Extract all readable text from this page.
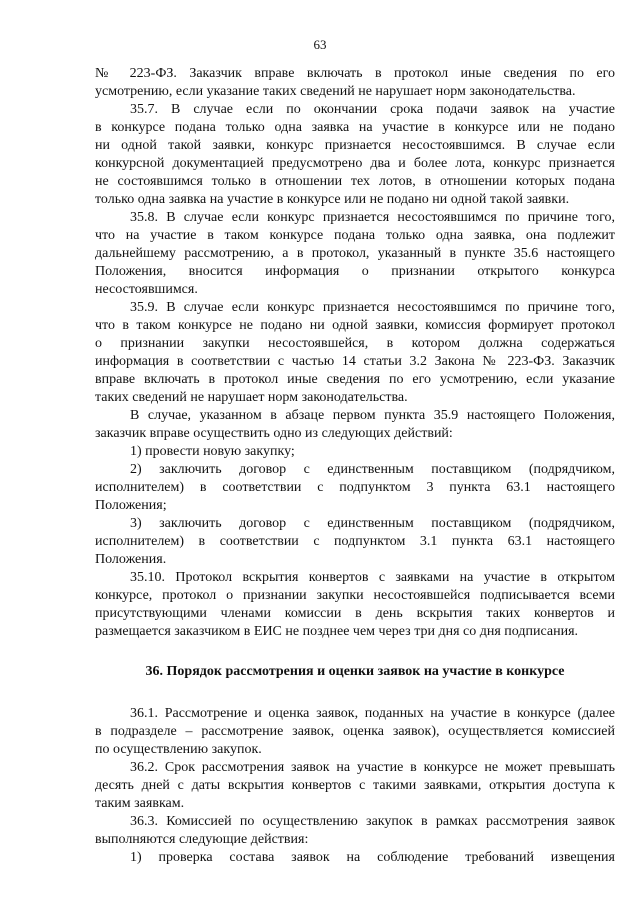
63

№ 223-ФЗ. Заказчик вправе включать в протокол иные сведения по его

усмотрению, если указание таких сведений не нарушает норм законодательства.

35.7. В случае если по окончании срока подачи заявок на участие

в конкурсе подана только одна заявка на участие в конкурсе или не подано

ни одной такой заявки, конкурс признается несостоявшимся. В случае если

конкурсной документацией предусмотрено два и более лота, конкурс признается

не состоявшимся только в отношении тех лотов, в отношении которых подана

только одна заявка на участие в конкурсе или не подано ни одной такой заявки.

35.8. В случае если конкурс признается несостоявшимся по причине того,

что на участие в таком конкурсе подана только одна заявка, она подлежит

дальнейшему рассмотрению, а в протокол, указанный в пункте 35.6 настоящего

Положения, вносится информация о признании открытого конкурса

несостоявшимся.

35.9. В случае если конкурс признается несостоявшимся по причине того,

что в таком конкурсе не подано ни одной заявки, комиссия формирует протокол

о признании закупки несостоявшейся, в котором должна содержаться

информация в соответствии с частью 14 статьи 3.2 Закона № 223-ФЗ. Заказчик

вправе включать в протокол иные сведения по его усмотрению, если указание

таких сведений не нарушает норм законодательства.

В случае, указанном в абзаце первом пункта 35.9 настоящего Положения,

заказчик вправе осуществить одно из следующих действий:

1) провести новую закупку;

2) заключить договор с единственным поставщиком (подрядчиком,

исполнителем) в соответствии с подпунктом 3 пункта 63.1 настоящего

Положения;

3) заключить договор с единственным поставщиком (подрядчиком,

исполнителем) в соответствии с подпунктом 3.1 пункта 63.1 настоящего

Положения.

35.10. Протокол вскрытия конвертов с заявками на участие в открытом

конкурсе, протокол о признании закупки несостоявшейся подписывается всеми

присутствующими членами комиссии в день вскрытия таких конвертов и

размещается заказчиком в ЕИС не позднее чем через три дня со дня подписания.

36. Порядок рассмотрения и оценки заявок на участие в конкурсе

36.1. Рассмотрение и оценка заявок, поданных на участие в конкурсе (далее

в подразделе – рассмотрение заявок, оценка заявок), осуществляется комиссией

по осуществлению закупок.

36.2. Срок рассмотрения заявок на участие в конкурсе не может превышать

десять дней с даты вскрытия конвертов с такими заявками, открытия доступа к

таким заявкам.

36.3. Комиссией по осуществлению закупок в рамках рассмотрения заявок

выполняются следующие действия:

1) проверка состава заявок на соблюдение требований извещения
